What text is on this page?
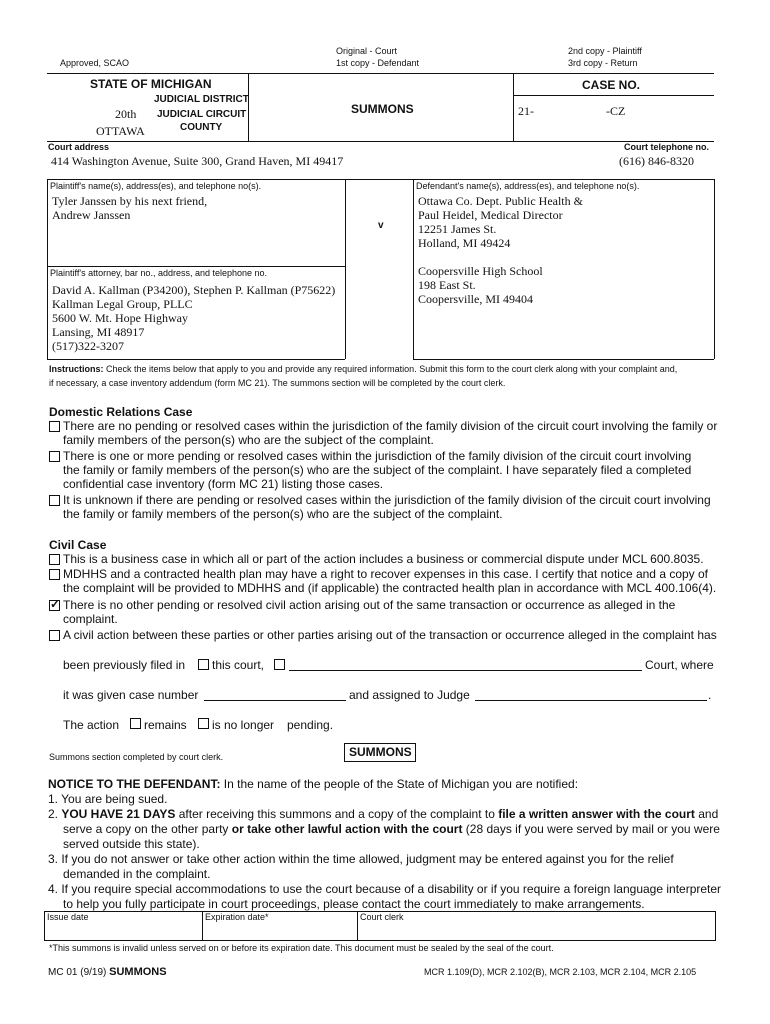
Approved, SCAO
Original - Court
1st copy - Defendant
2nd copy - Plaintiff
3rd copy - Return
STATE OF MICHIGAN
JUDICIAL DISTRICT
20th JUDICIAL CIRCUIT
OTTAWA	COUNTY
SUMMONS
CASE NO.
21-	-CZ
Court address
414 Washington Avenue, Suite 300, Grand Haven, MI 49417
Court telephone no.
(616) 846-8320
Plaintiff's name(s), address(es), and telephone no(s).
Tyler Janssen by his next friend,
Andrew Janssen
v
Defendant's name(s), address(es), and telephone no(s).
Ottawa Co. Dept. Public Health &
Paul Heidel, Medical Director
12251 James St.
Holland, MI 49424
Coopersville High School
198 East St.
Coopersville, MI 49404
Plaintiff's attorney, bar no., address, and telephone no.
David A. Kallman (P34200), Stephen P. Kallman (P75622)
Kallman Legal Group, PLLC
5600 W. Mt. Hope Highway
Lansing, MI 48917
(517)322-3207
Instructions: Check the items below that apply to you and provide any required information. Submit this form to the court clerk along with your complaint and,
if necessary, a case inventory addendum (form MC 21). The summons section will be completed by the court clerk.
Domestic Relations Case
There are no pending or resolved cases within the jurisdiction of the family division of the circuit court involving the family or
family members of the person(s) who are the subject of the complaint.
There is one or more pending or resolved cases within the jurisdiction of the family division of the circuit court involving
the family or family members of the person(s) who are the subject of the complaint. I have separately filed a completed
confidential case inventory (form MC 21) listing those cases.
It is unknown if there are pending or resolved cases within the jurisdiction of the family division of the circuit court involving
the family or family members of the person(s) who are the subject of the complaint.
Civil Case
This is a business case in which all or part of the action includes a business or commercial dispute under MCL 600.8035.
MDHHS and a contracted health plan may have a right to recover expenses in this case. I certify that notice and a copy of
the complaint will be provided to MDHHS and (if applicable) the contracted health plan in accordance with MCL 400.106(4).
✓
There is no other pending or resolved civil action arising out of the same transaction or occurrence as alleged in the
complaint.
A civil action between these parties or other parties arising out of the transaction or occurrence alleged in the complaint has
been previously filed in this court,	Court, where
it was given case number	and assigned to Judge	.
The action remains is no longer pending.
Summons section completed by court clerk.	SUMMONS
NOTICE TO THE DEFENDANT: In the name of the people of the State of Michigan you are notified:
1. You are being sued.
2. YOU HAVE 21 DAYS after receiving this summons and a copy of the complaint to file a written answer with the court and
serve a copy on the other party or take other lawful action with the court (28 days if you were served by mail or you were
served outside this state).
3. If you do not answer or take other action within the time allowed, judgment may be entered against you for the relief
demanded in the complaint.
4. If you require special accommodations to use the court because of a disability or if you require a foreign language interpreter
to help you fully participate in court proceedings, please contact the court immediately to make arrangements.
Issue date	Expiration date*	Court clerk
*This summons is invalid unless served on or before its expiration date. This document must be sealed by the seal of the court.
MC 01 (9/19) SUMMONS	MCR 1.109(D), MCR 2.102(B), MCR 2.103, MCR 2.104, MCR 2.105
